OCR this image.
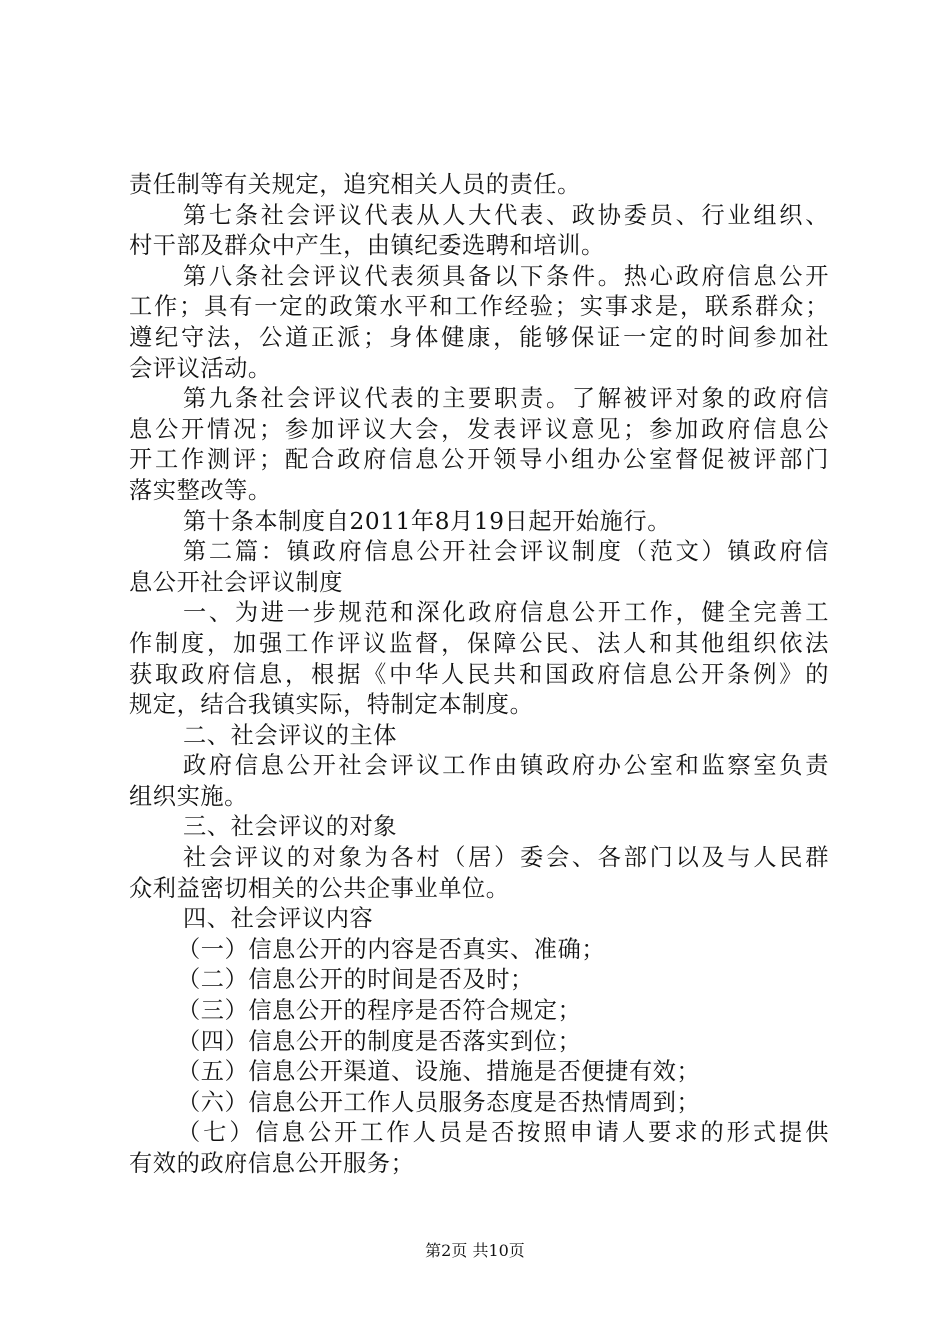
责任制等有关规定，追究相关人员的责任。
第七条社会评议代表从人大代表、政协委员、行业组织、
村干部及群众中产生，由镇纪委选聘和培训。
第八条社会评议代表须具备以下条件。热心政府信息公开
工作；具有一定的政策水平和工作经验；实事求是，联系群众；
遵纪守法，公道正派；身体健康，能够保证一定的时间参加社
会评议活动。
第九条社会评议代表的主要职责。了解被评对象的政府信
息公开情况；参加评议大会，发表评议意见；参加政府信息公
开工作测评；配合政府信息公开领导小组办公室督促被评部门
落实整改等。
第十条本制度自2011年8月19日起开始施行。
第二篇：镇政府信息公开社会评议制度（范文）镇政府信
息公开社会评议制度
一、为进一步规范和深化政府信息公开工作，健全完善工
作制度，加强工作评议监督，保障公民、法人和其他组织依法
获取政府信息，根据《中华人民共和国政府信息公开条例》的
规定，结合我镇实际，特制定本制度。
二、社会评议的主体
政府信息公开社会评议工作由镇政府办公室和监察室负责
组织实施。
三、社会评议的对象
社会评议的对象为各村（居）委会、各部门以及与人民群
众利益密切相关的公共企事业单位。
四、社会评议内容
（一）信息公开的内容是否真实、准确；
（二）信息公开的时间是否及时；
（三）信息公开的程序是否符合规定；
（四）信息公开的制度是否落实到位；
（五）信息公开渠道、设施、措施是否便捷有效；
（六）信息公开工作人员服务态度是否热情周到；
（七）信息公开工作人员是否按照申请人要求的形式提供
有效的政府信息公开服务；
第2页 共10页
